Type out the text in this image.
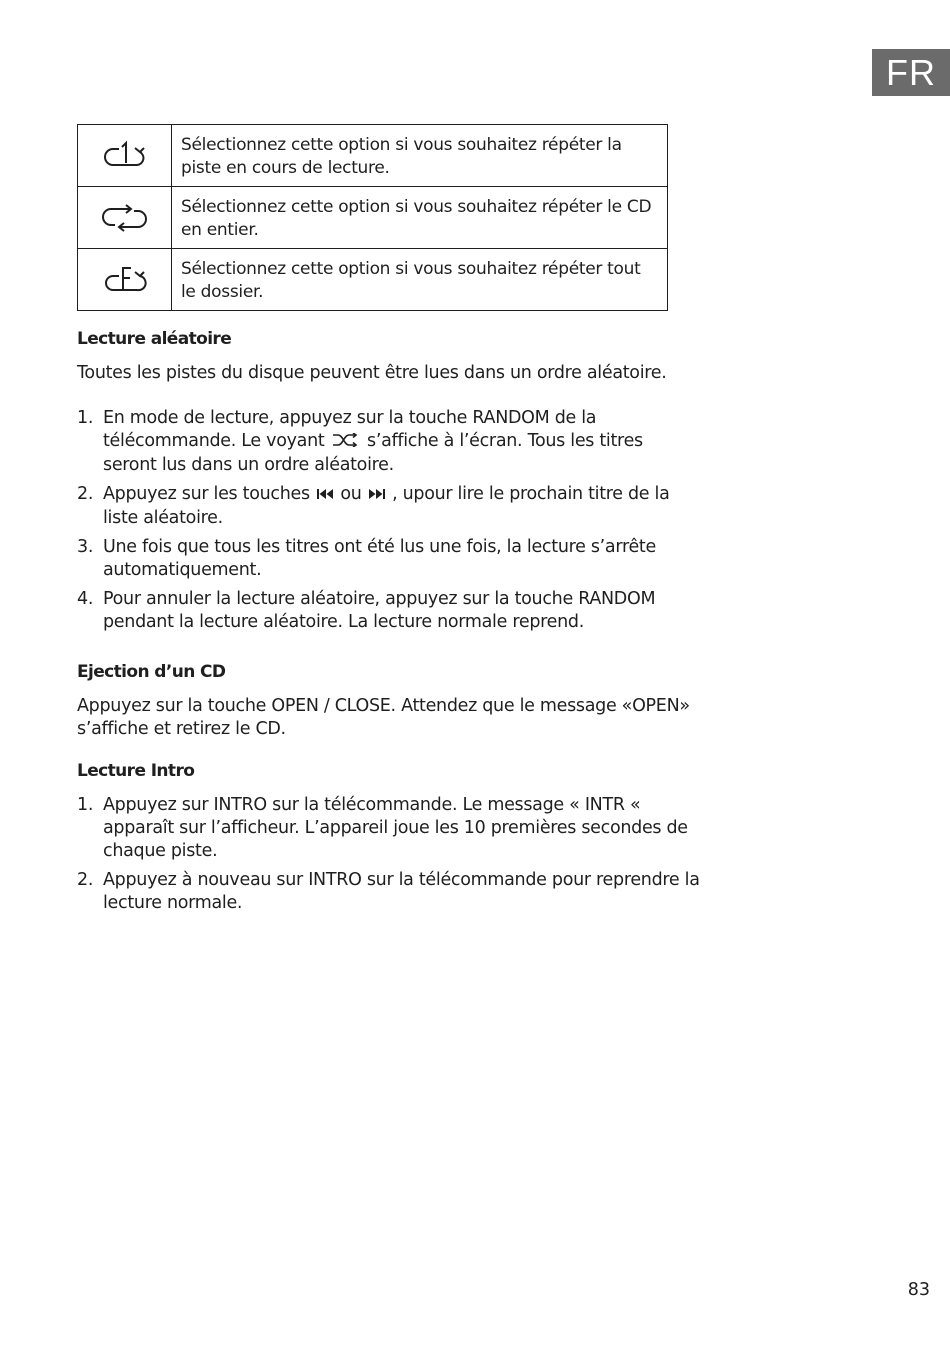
FR
	Sélectionnez cette option si vous souhaitez répéter la piste en cours de lecture.
	Sélectionnez cette option si vous souhaitez répéter le CD en entier.
	Sélectionnez cette option si vous souhaitez répéter tout le dossier.
Lecture aléatoire

Toutes les pistes du disque peuvent être lues dans un ordre aléatoire.

1. En mode de lecture, appuyez sur la touche RANDOM de la télécommande. Le voyant s’affiche à l’écran. Tous les titres seront lus dans un ordre aléatoire.
2. Appuyez sur les touches ou , upour lire le prochain titre de la liste aléatoire.
3. Une fois que tous les titres ont été lus une fois, la lecture s’arrête automatiquement.
4. Pour annuler la lecture aléatoire, appuyez sur la touche RANDOM pendant la lecture aléatoire. La lecture normale reprend.
Ejection d’un CD

Appuyez sur la touche OPEN / CLOSE. Attendez que le message «OPEN» s’affiche et retirez le CD.

Lecture Intro
1. Appuyez sur INTRO sur la télécommande. Le message « INTR « apparaît sur l’afficheur. L’appareil joue les 10 premières secondes de chaque piste.
2. Appuyez à nouveau sur INTRO sur la télécommande pour reprendre la lecture normale.
83
